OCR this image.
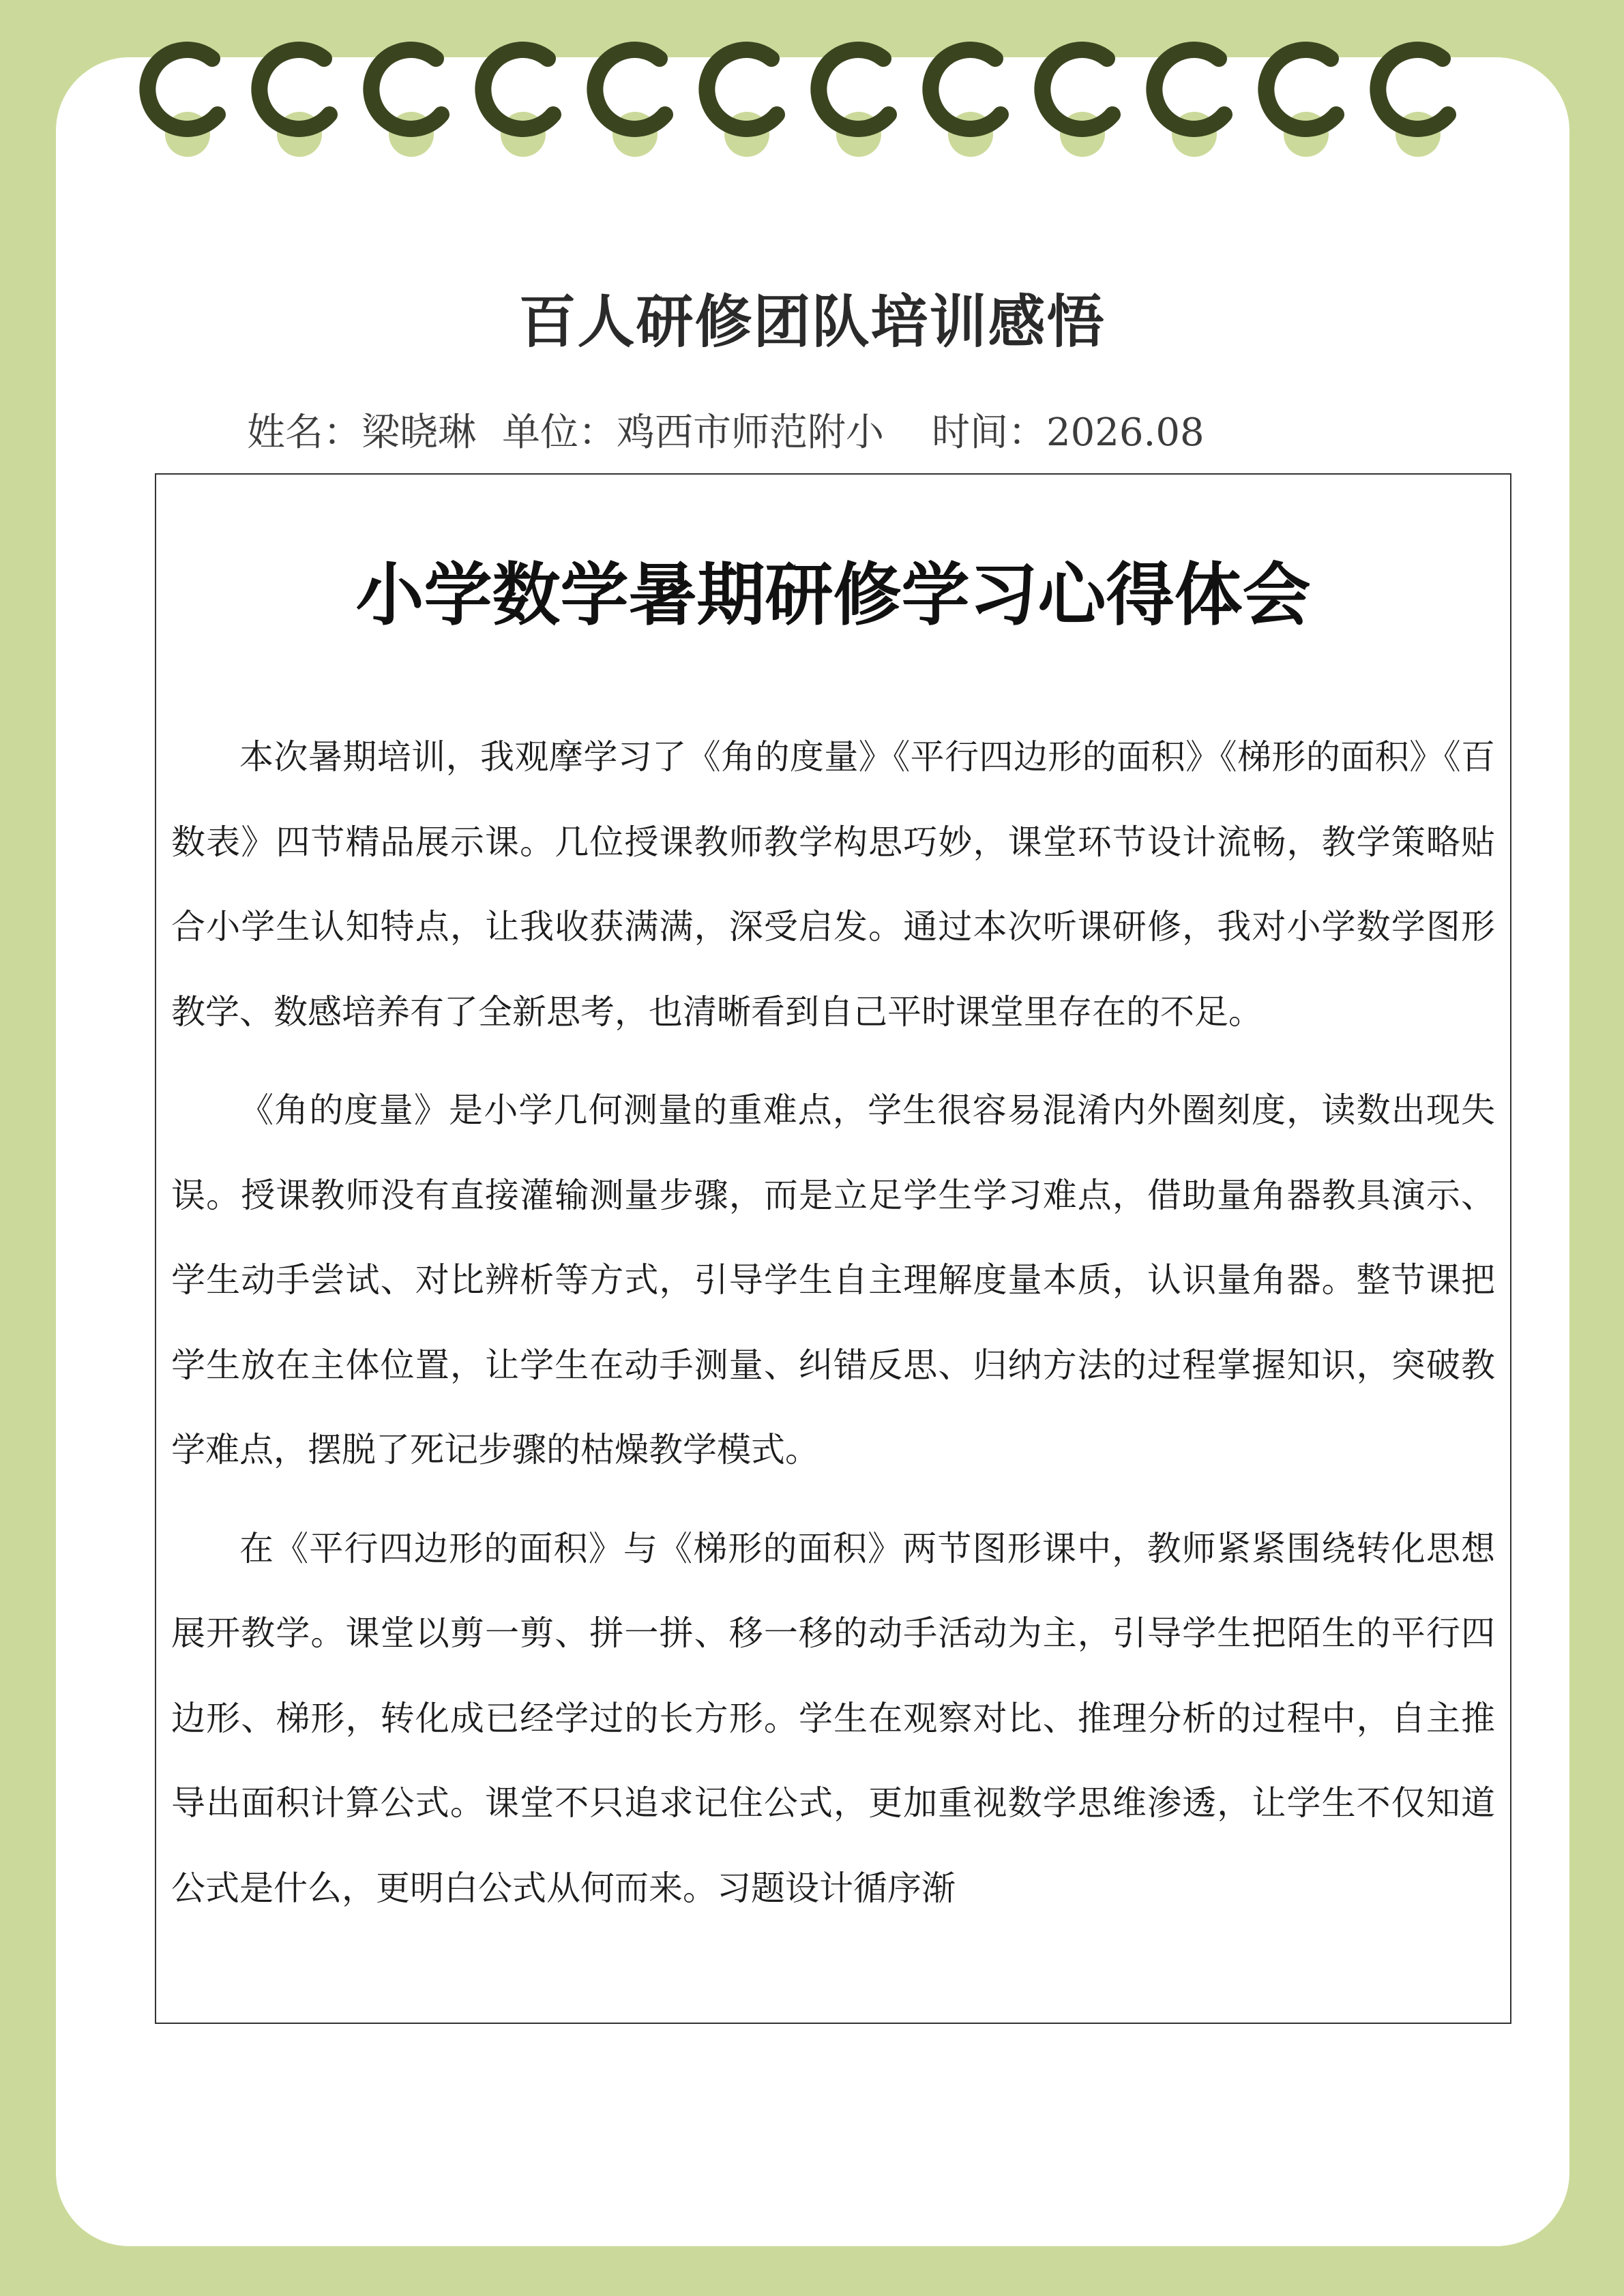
百人研修团队培训感悟
姓名：梁晓琳 单位：鸡西市师范附小 时间：2026.08
小学数学暑期研修学习心得体会

本次暑期培训，我观摩学习了《角的度量》《平行四边形的面积》《梯形的面积》《百数表》四节精品展示课。几位授课教师教学构思巧妙，课堂环节设计流畅，教学策略贴合小学生认知特点，让我收获满满，深受启发。通过本次听课研修，我对小学数学图形教学、数感培养有了全新思考，也清晰看到自己平时课堂里存在的不足。

《角的度量》是小学几何测量的重难点，学生很容易混淆内外圈刻度，读数出现失误。授课教师没有直接灌输测量步骤，而是立足学生学习难点，借助量角器教具演示、学生动手尝试、对比辨析等方式，引导学生自主理解度量本质，认识量角器。整节课把学生放在主体位置，让学生在动手测量、纠错反思、归纳方法的过程掌握知识，突破教学难点，摆脱了死记步骤的枯燥教学模式。

在《平行四边形的面积》与《梯形的面积》两节图形课中，教师紧紧围绕转化思想展开教学。课堂以剪一剪、拼一拼、移一移的动手活动为主，引导学生把陌生的平行四边形、梯形，转化成已经学过的长方形。学生在观察对比、推理分析的过程中，自主推导出面积计算公式。课堂不只追求记住公式，更加重视数学思维渗透，让学生不仅知道公式是什么，更明白公式从何而来。习题设计循序渐
